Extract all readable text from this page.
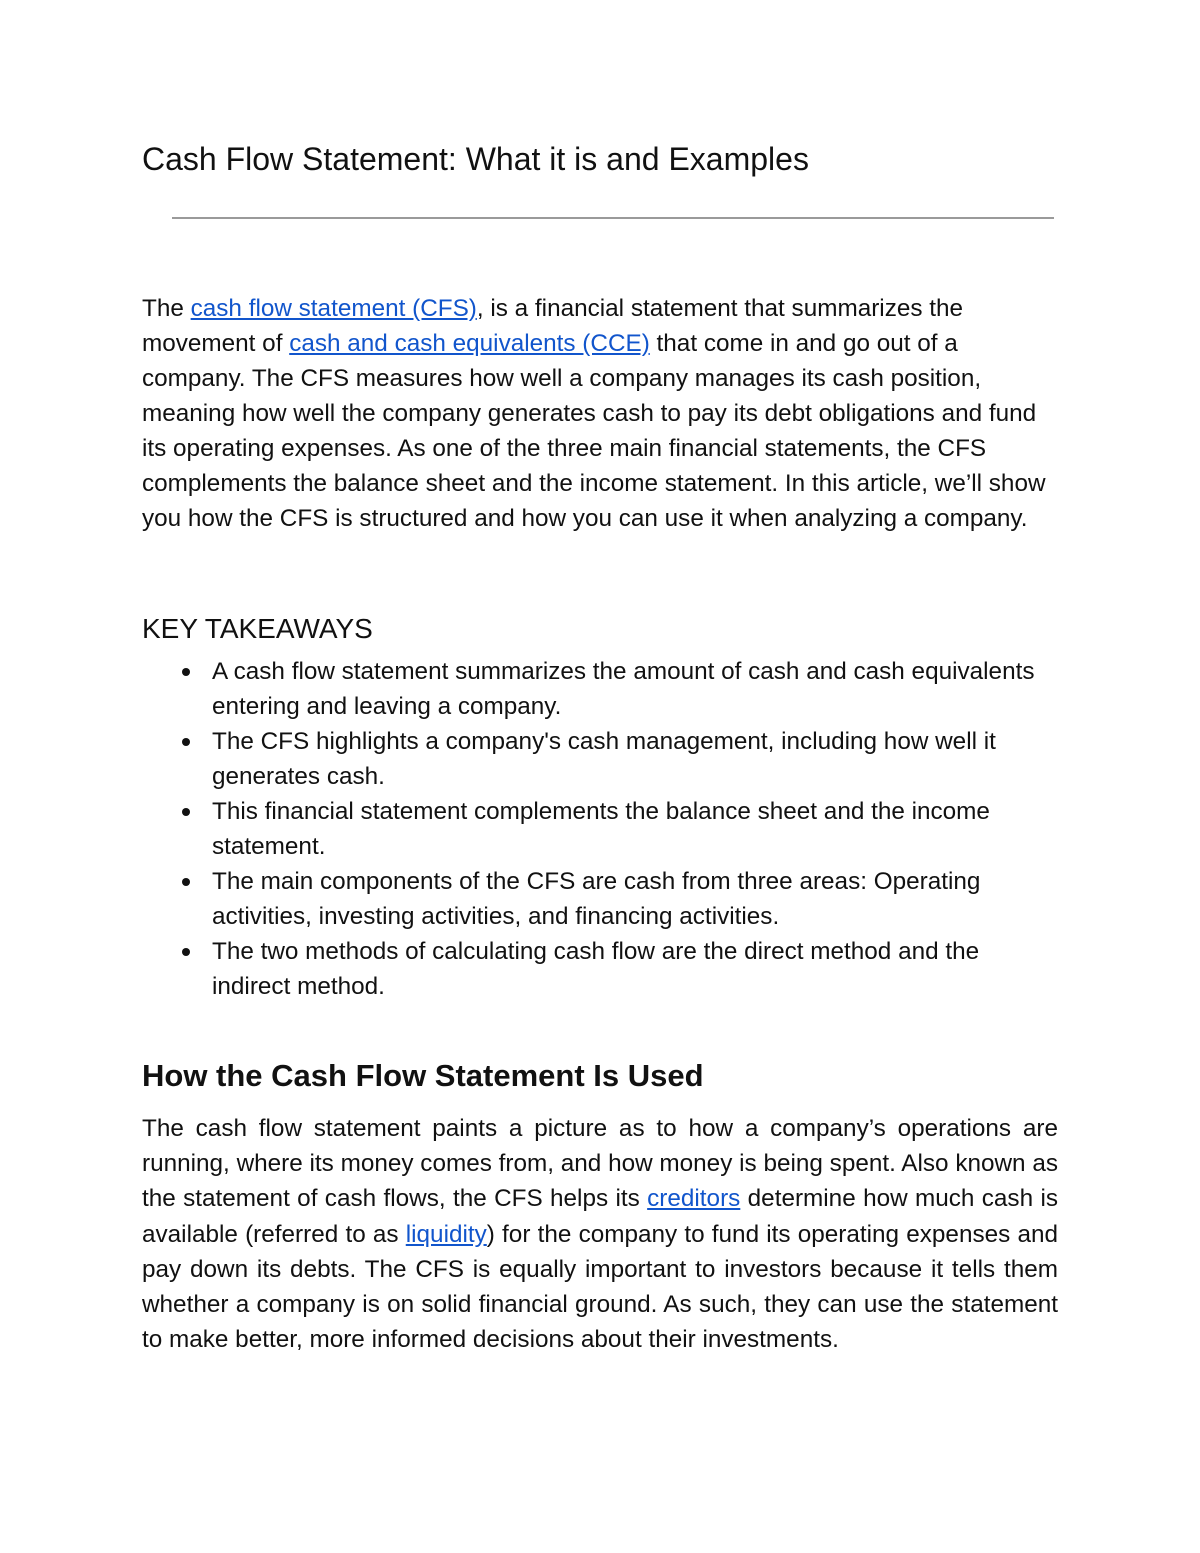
Cash Flow Statement: What it is and Examples

The cash flow statement (CFS), is a financial statement that summarizes the movement of cash and cash equivalents (CCE) that come in and go out of a company. The CFS measures how well a company manages its cash position, meaning how well the company generates cash to pay its debt obligations and fund its operating expenses. As one of the three main financial statements, the CFS complements the balance sheet and the income statement. In this article, we’ll show you how the CFS is structured and how you can use it when analyzing a company.

KEY TAKEAWAYS
A cash flow statement summarizes the amount of cash and cash equivalents entering and leaving a company.
The CFS highlights a company's cash management, including how well it generates cash.
This financial statement complements the balance sheet and the income statement.
The main components of the CFS are cash from three areas: Operating activities, investing activities, and financing activities.
The two methods of calculating cash flow are the direct method and the indirect method.
How the Cash Flow Statement Is Used

The cash flow statement paints a picture as to how a company’s operations are running, where its money comes from, and how money is being spent. Also known as the statement of cash flows, the CFS helps its creditors determine how much cash is available (referred to as liquidity) for the company to fund its operating expenses and pay down its debts. The CFS is equally important to investors because it tells them whether a company is on solid financial ground. As such, they can use the statement to make better, more informed decisions about their investments.
